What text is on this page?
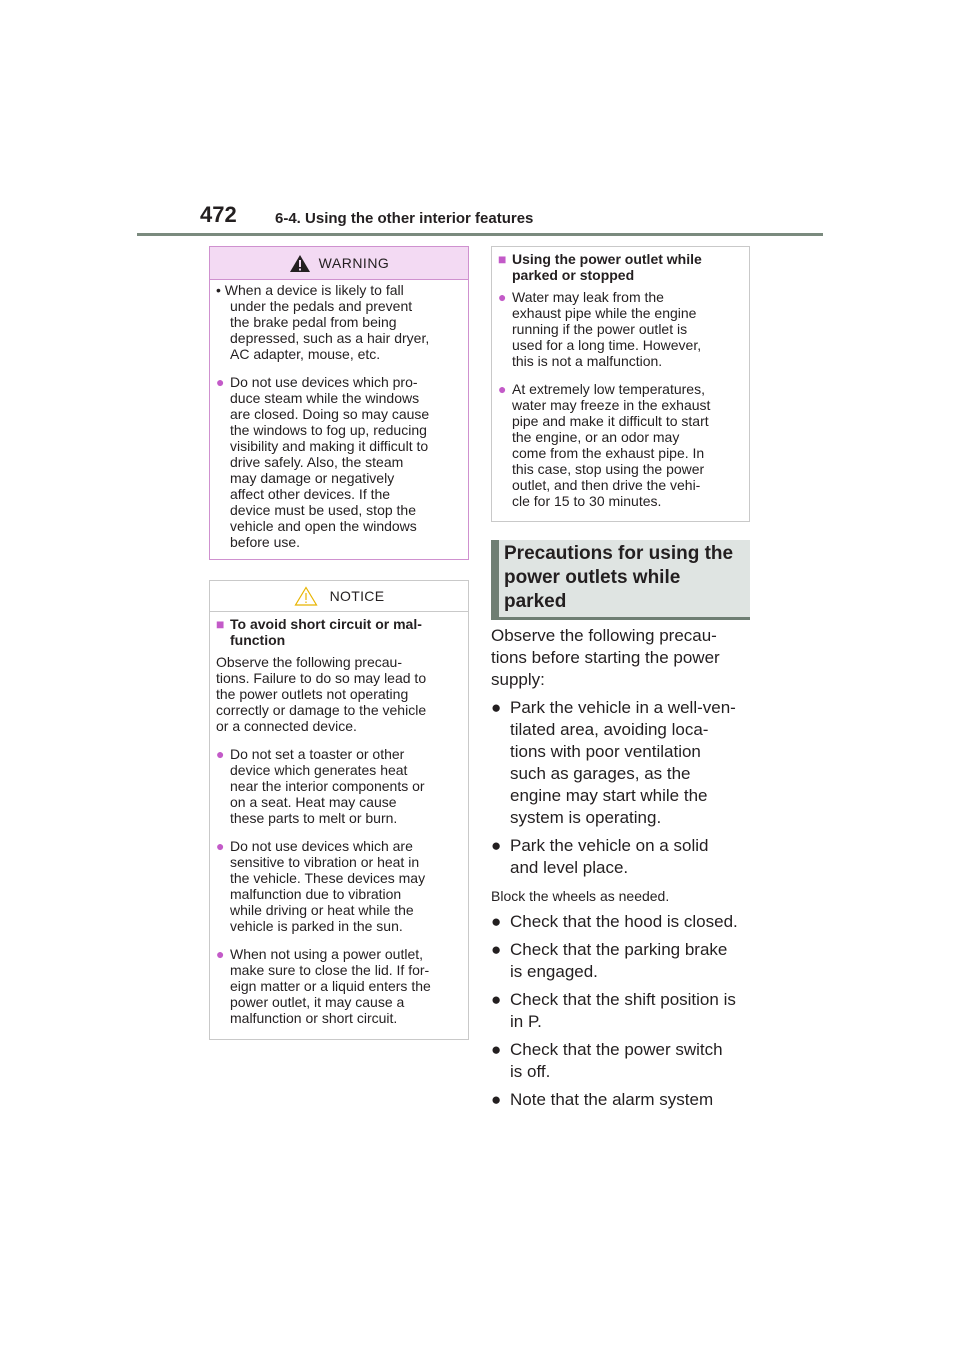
472	6-4. Using the other interior features
WARNING

• When a device is likely to fall

under the pedals and prevent

the brake pedal from being

depressed, such as a hair dryer,

AC adapter, mouse, etc.

● Do not use devices which pro-

duce steam while the windows

are closed. Doing so may cause

the windows to fog up, reducing

visibility and making it difficult to

drive safely. Also, the steam

may damage or negatively

affect other devices. If the

device must be used, stop the

vehicle and open the windows

before use.

NOTICE
■ To avoid short circuit or mal-

function

Observe the following precau-

tions. Failure to do so may lead to

the power outlets not operating

correctly or damage to the vehicle

or a connected device.

● Do not set a toaster or other

device which generates heat

near the interior components or

on a seat. Heat may cause

these parts to melt or burn.

● Do not use devices which are

sensitive to vibration or heat in

the vehicle. These devices may

malfunction due to vibration

while driving or heat while the

vehicle is parked in the sun.

● When not using a power outlet,

make sure to close the lid. If for-

eign matter or a liquid enters the

power outlet, it may cause a

malfunction or short circuit.

■ Using the power outlet while

parked or stopped

● Water may leak from the

exhaust pipe while the engine

running if the power outlet is

used for a long time. However,

this is not a malfunction.

● At extremely low temperatures,

water may freeze in the exhaust

pipe and make it difficult to start

the engine, or an odor may

come from the exhaust pipe. In

this case, stop using the power

outlet, and then drive the vehi-

cle for 15 to 30 minutes.

Precautions for using the
power outlets while
parked

Observe the following precau-

tions before starting the power

supply:

● Park the vehicle in a well-ven-

tilated area, avoiding loca-

tions with poor ventilation

such as garages, as the

engine may start while the

system is operating.

● Park the vehicle on a solid

and level place.

Block the wheels as needed.

● Check that the hood is closed.

● Check that the parking brake

is engaged.

● Check that the shift position is

in P.

● Check that the power switch

is off.

● Note that the alarm system
